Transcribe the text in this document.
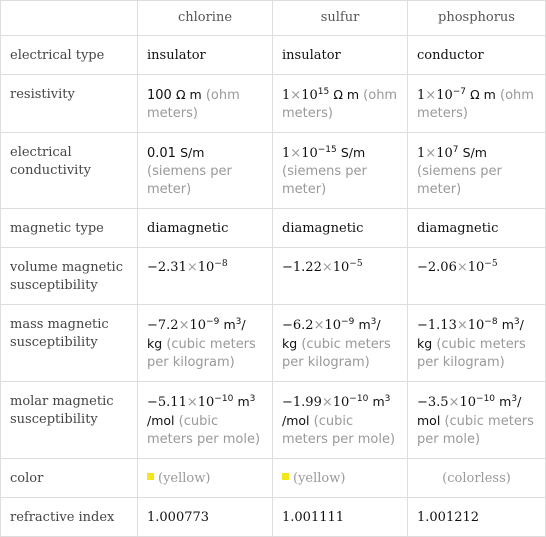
	chlorine	sulfur	phosphorus
electrical type	insulator	insulator	conductor
resistivity	100 Ω m (ohm meters)	$1\times 10^{15}$ Ω m (ohm meters)	$1\times 10^{-7}$ Ω m (ohm meters)
electrical conductivity	0.01 S/m (siemens per meter)	$1\times 10^{-15}$ S/m (siemens per meter)	$1\times 10^7$ S/m (siemens per meter)
magnetic type	diamagnetic	diamagnetic	diamagnetic
volume magnetic susceptibility	$-2.31\times 10^{-8}$	$-1.22\times 10^{-5}$	$-2.06\times 10^{-5}$
mass magnetic susceptibility	$-7.2\times 10^{-9}$ $m^3/$ kg (cubic meters per kilogram)	$-6.2\times 10^{-9}$ $m^3/$ kg (cubic meters per kilogram)	$-1.13\times 10^{-8}$ $m^3/$ kg (cubic meters per kilogram)
molar magnetic susceptibility	$-5.11\times 10^{-10}$ $m^3$ /mol (cubic meters per mole)	$-1.99\times 10^{-10}$ $m^3$ /mol (cubic meters per mole)	$-3.5\times 10^{-10}$ $m^3/$ mol (cubic meters per mole)
color	(yellow)	(yellow)	(colorless)
refractive index	1.000773	1.001111	1.001212
